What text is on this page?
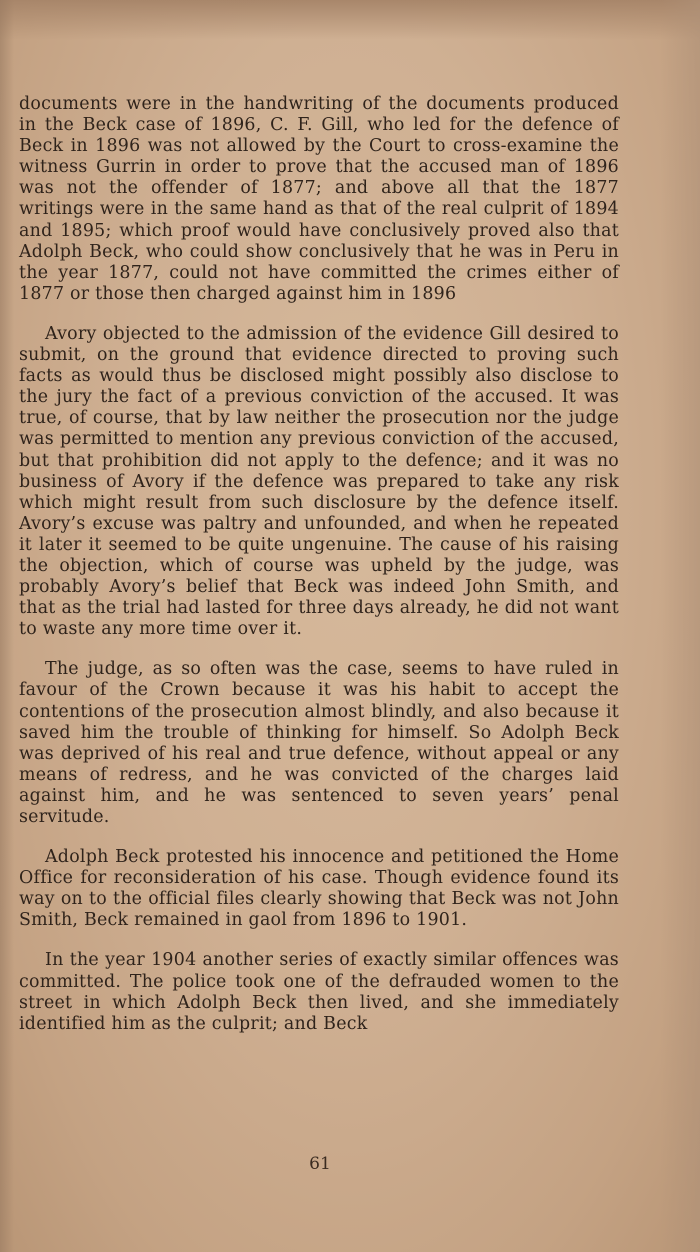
documents were in the handwriting of the documents produced in the Beck case of 1896, C. F. Gill, who led for the defence of Beck in 1896 was not allowed by the Court to cross-examine the witness Gurrin in order to prove that the accused man of 1896 was not the offender of 1877; and above all that the 1877 writings were in the same hand as that of the real culprit of 1894 and 1895; which proof would have conclusively proved also that Adolph Beck, who could show conclusively that he was in Peru in the year 1877, could not have committed the crimes either of 1877 or those then charged against him in 1896

Avory objected to the admission of the evidence Gill desired to submit, on the ground that evidence directed to proving such facts as would thus be disclosed might possibly also disclose to the jury the fact of a previous conviction of the accused. It was true, of course, that by law neither the prosecution nor the judge was permitted to mention any previous conviction of the accused, but that prohibition did not apply to the defence; and it was no business of Avory if the defence was prepared to take any risk which might result from such disclosure by the defence itself. Avory’s excuse was paltry and unfounded, and when he repeated it later it seemed to be quite ungenuine. The cause of his raising the objection, which of course was upheld by the judge, was probably Avory’s belief that Beck was indeed John Smith, and that as the trial had lasted for three days already, he did not want to waste any more time over it.

The judge, as so often was the case, seems to have ruled in favour of the Crown because it was his habit to accept the contentions of the prosecution almost blindly, and also because it saved him the trouble of thinking for himself. So Adolph Beck was deprived of his real and true defence, without appeal or any means of redress, and he was convicted of the charges laid against him, and he was sentenced to seven years’ penal servitude.

Adolph Beck protested his innocence and petitioned the Home Office for reconsideration of his case. Though evidence found its way on to the official files clearly showing that Beck was not John Smith, Beck remained in gaol from 1896 to 1901.

In the year 1904 another series of exactly similar offences was committed. The police took one of the defrauded women to the street in which Adolph Beck then lived, and she immediately identified him as the culprit; and Beck

61
